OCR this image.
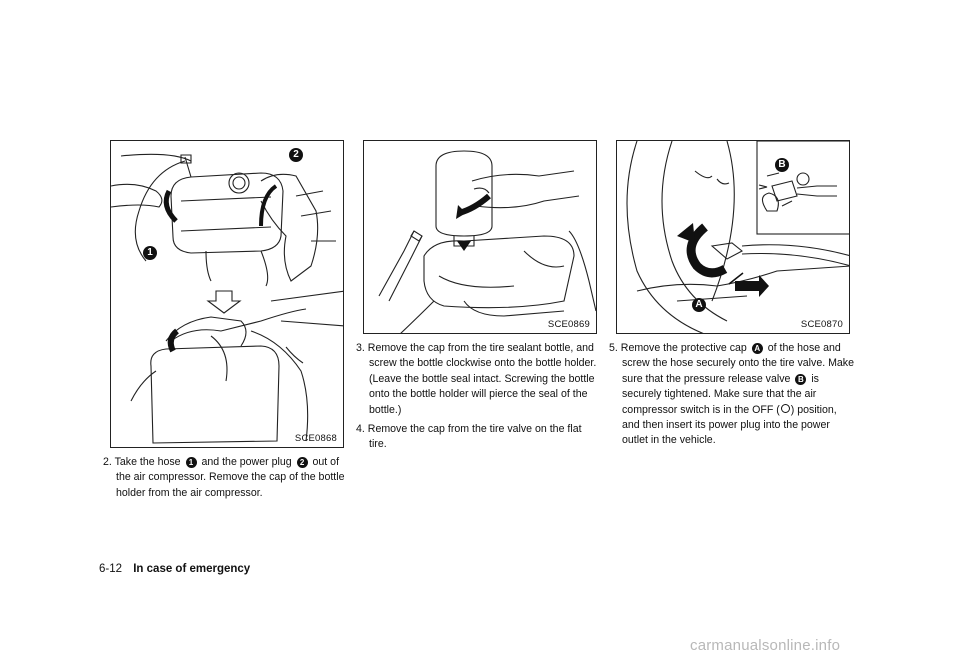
1
2
SCE0868
SCE0869
A
B
SCE0870
2. Take the hose 1 and the power plug 2 out of the air compressor. Remove the cap of the bottle holder from the air compressor.
3. Remove the cap from the tire sealant bottle, and screw the bottle clockwise onto the bottle holder. (Leave the bottle seal intact. Screwing the bottle onto the bottle holder will pierce the seal of the bottle.)
4. Remove the cap from the tire valve on the flat tire.
5. Remove the protective cap A of the hose and screw the hose securely onto the tire valve. Make sure that the pressure release valve B is securely tightened. Make sure that the air compressor switch is in the OFF ( ) position, and then insert its power plug into the power outlet in the vehicle.
6-12 In case of emergency
carmanualsonline.info
